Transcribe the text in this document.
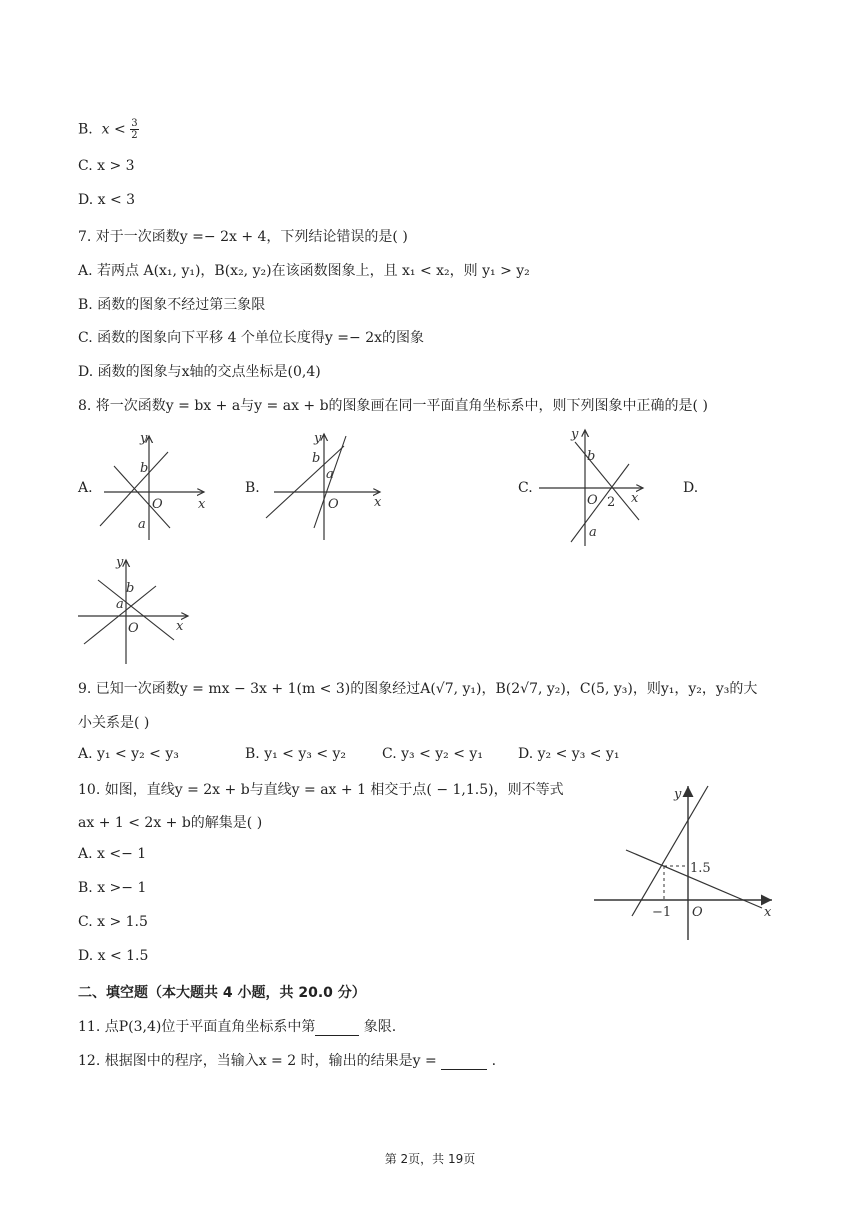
B. $x < \frac{3}{2}$
C. x > 3
D. x < 3
7. 对于一次函数y =− 2x + 4，下列结论错误的是( )
A. 若两点 A(x₁, y₁)，B(x₂, y₂)在该函数图象上，且 x₁ < x₂，则 y₁ > y₂
B. 函数的图象不经过第三象限
C. 函数的图象向下平移 4 个单位长度得y =− 2x的图象
D. 函数的图象与x轴的交点坐标是(0,4)
8. 将一次函数y = bx + a与y = ax + b的图象画在同一平面直角坐标系中，则下列图象中正确的是( )
A.
y
b
O	x
a
B.
y
b
a
O	x
C.
y
b
O 2 x
a
D.
y
b
a
O	x
9. 已知一次函数y = mx − 3x + 1(m < 3)的图象经过A(√7, y₁)，B(2√7, y₂)，C(5, y₃)，则y₁，y₂，y₃的大
小关系是( )
A. y₁ < y₂ < y₃	B. y₁ < y₃ < y₂	C. y₃ < y₂ < y₁	D. y₂ < y₃ < y₁
10. 如图，直线y = 2x + b与直线y = ax + 1 相交于点( − 1,1.5)，则不等式
ax + 1 < 2x + b的解集是( )
A. x <− 1
B. x >− 1
C. x > 1.5
D. x < 1.5
y
1.5
−1 O	x
二、填空题（本大题共 4 小题，共 20.0 分）
11. 点P(3,4)位于平面直角坐标系中第	象限.
12. 根据图中的程序，当输入x = 2 时，输出的结果是y =	.
第 2页，共 19页
